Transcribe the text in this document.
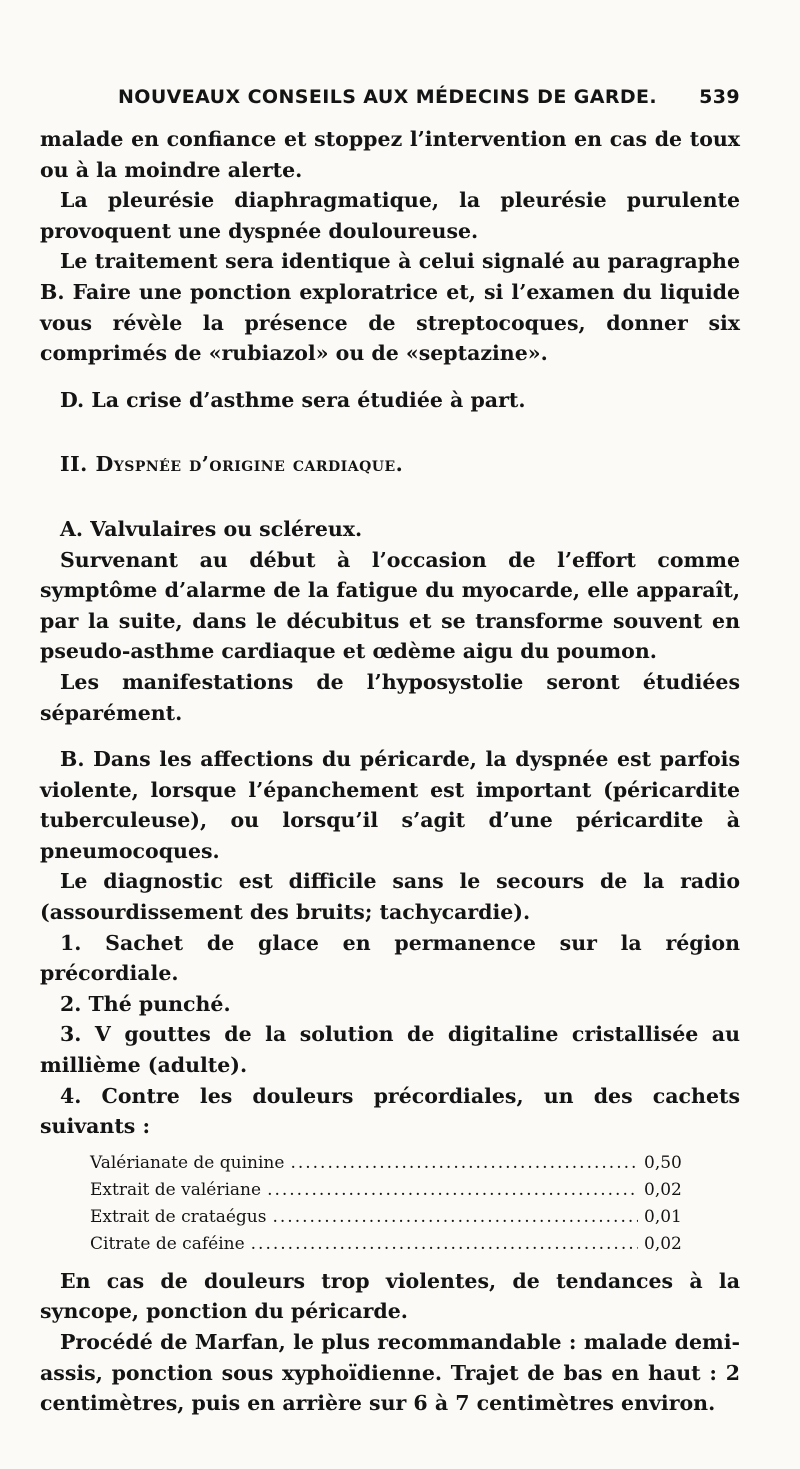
NOUVEAUX CONSEILS AUX MÉDECINS DE GARDE. 539

malade en confiance et stoppez l’intervention en cas de toux ou à la moindre alerte.

La pleurésie diaphragmatique, la pleurésie purulente provoquent une dyspnée douloureuse.

Le traitement sera identique à celui signalé au paragraphe B. Faire une ponction exploratrice et, si l’examen du liquide vous révèle la présence de streptocoques, donner six comprimés de «rubiazol» ou de «septazine».

D. La crise d’asthme sera étudiée à part.

II. Dyspnée d’origine cardiaque.

A. Valvulaires ou scléreux.

Survenant au début à l’occasion de l’effort comme symptôme d’alarme de la fatigue du myocarde, elle apparaît, par la suite, dans le décubitus et se transforme souvent en pseudo-asthme cardiaque et œdème aigu du poumon.

Les manifestations de l’hyposystolie seront étudiées séparément.

B. Dans les affections du péricarde, la dyspnée est parfois violente, lorsque l’épanchement est important (péricardite tuberculeuse), ou lorsqu’il s’agit d’une péricardite à pneumocoques.

Le diagnostic est difficile sans le secours de la radio (assourdissement des bruits; tachycardie).

1. Sachet de glace en permanence sur la région précordiale.

2. Thé punché.

3. V gouttes de la solution de digitaline cristallisée au millième (adulte).

4. Contre les douleurs précordiales, un des cachets suivants :

Valérianate de quinine .....	0,50
Extrait de valériane .....	0,02
Extrait de crataégus .....	0,01
Citrate de caféine .....	0,02

En cas de douleurs trop violentes, de tendances à la syncope, ponction du péricarde.

Procédé de Marfan, le plus recommandable : malade demi-assis, ponction sous xyphoïdienne. Trajet de bas en haut : 2 centimètres, puis en arrière sur 6 à 7 centimètres environ.
